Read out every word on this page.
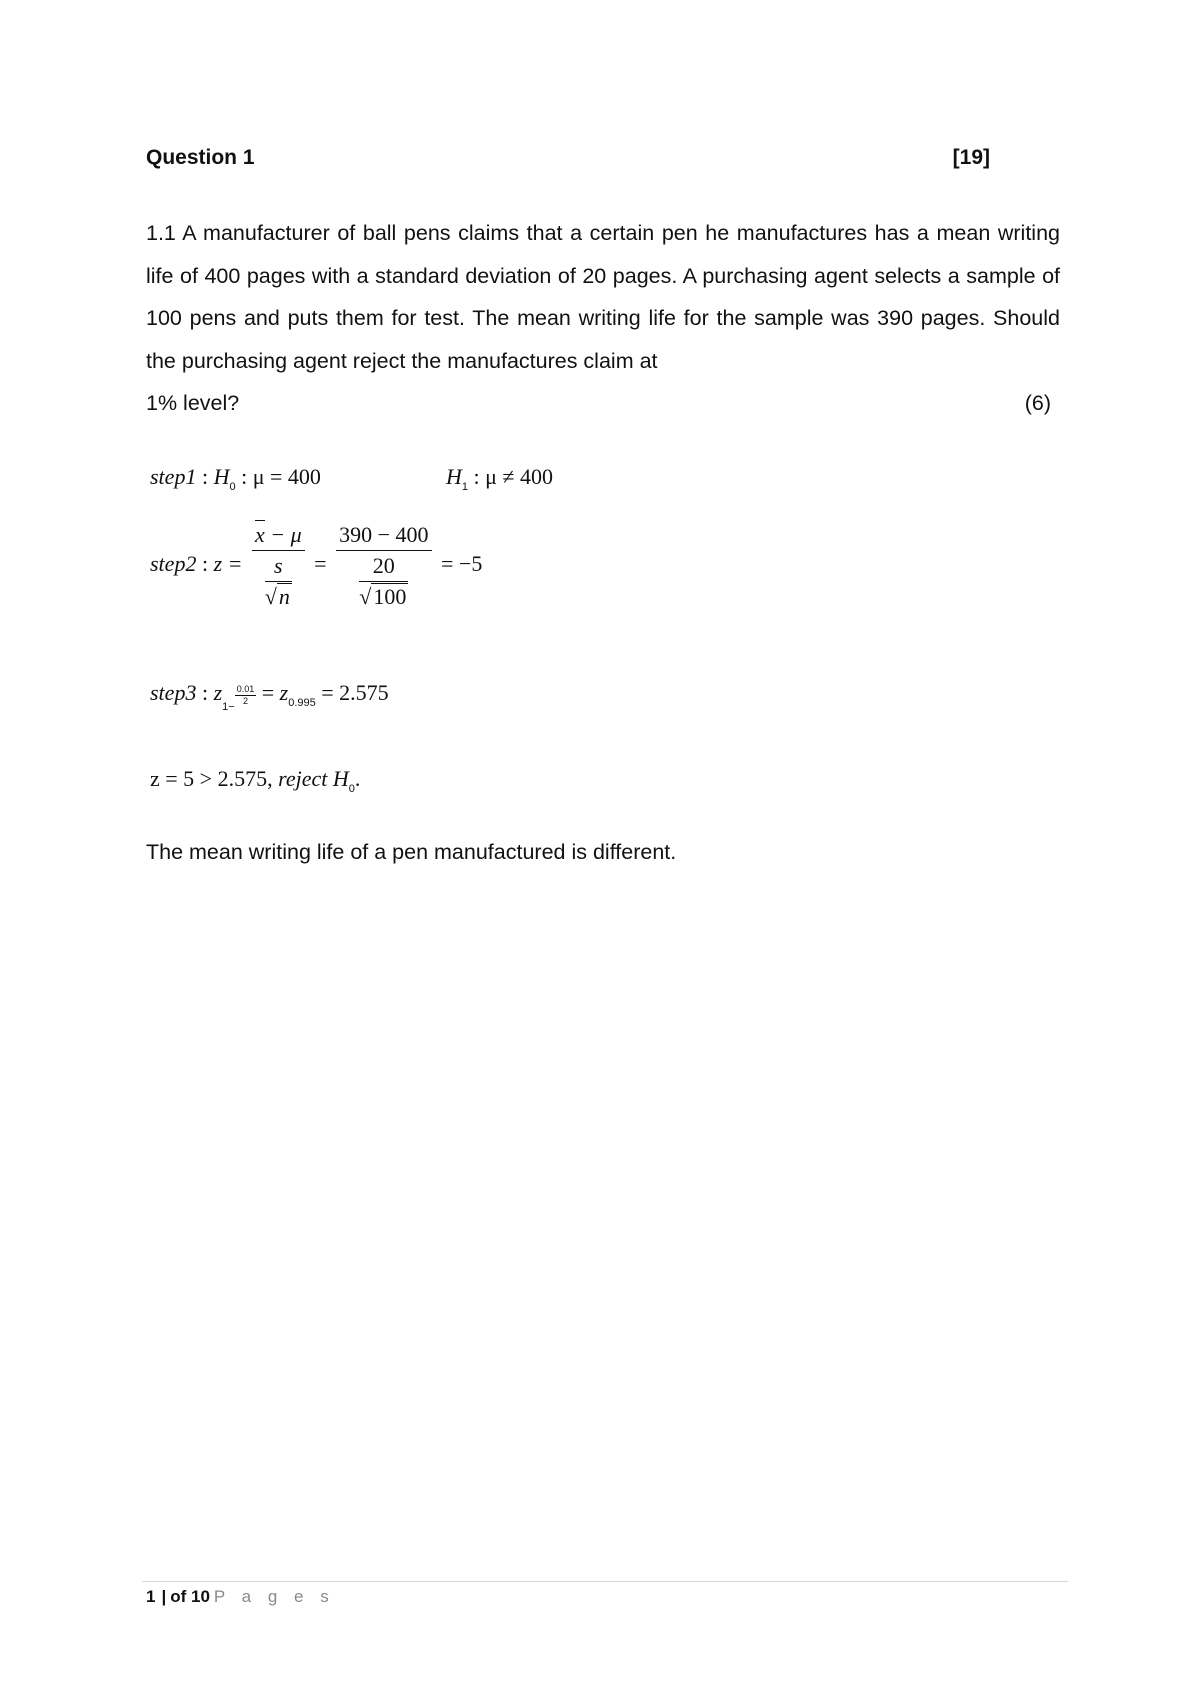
Question 1	[19]
1.1 A manufacturer of ball pens claims that a certain pen he manufactures has a mean writing life of 400 pages with a standard deviation of 20 pages. A purchasing agent selects a sample of 100 pens and puts them for test. The mean writing life for the sample was 390 pages. Should the purchasing agent reject the manufactures claim at
1% level?	(6)
step1 : $H_0$ : μ = 400	$H_1$ : μ ≠ 400
step2 : $z = \frac{x - \mu}{\frac{s}{√n}} = \frac{390 - 400}{\frac{20}{√100}} = -5$
step3 : $z_{1- \frac{0.01}{2}} = z_{0.995} = 2.575$
z = 5 > 2.575, reject $H_0$.
The mean writing life of a pen manufactured is different.
1 | of 10 P a g e s
